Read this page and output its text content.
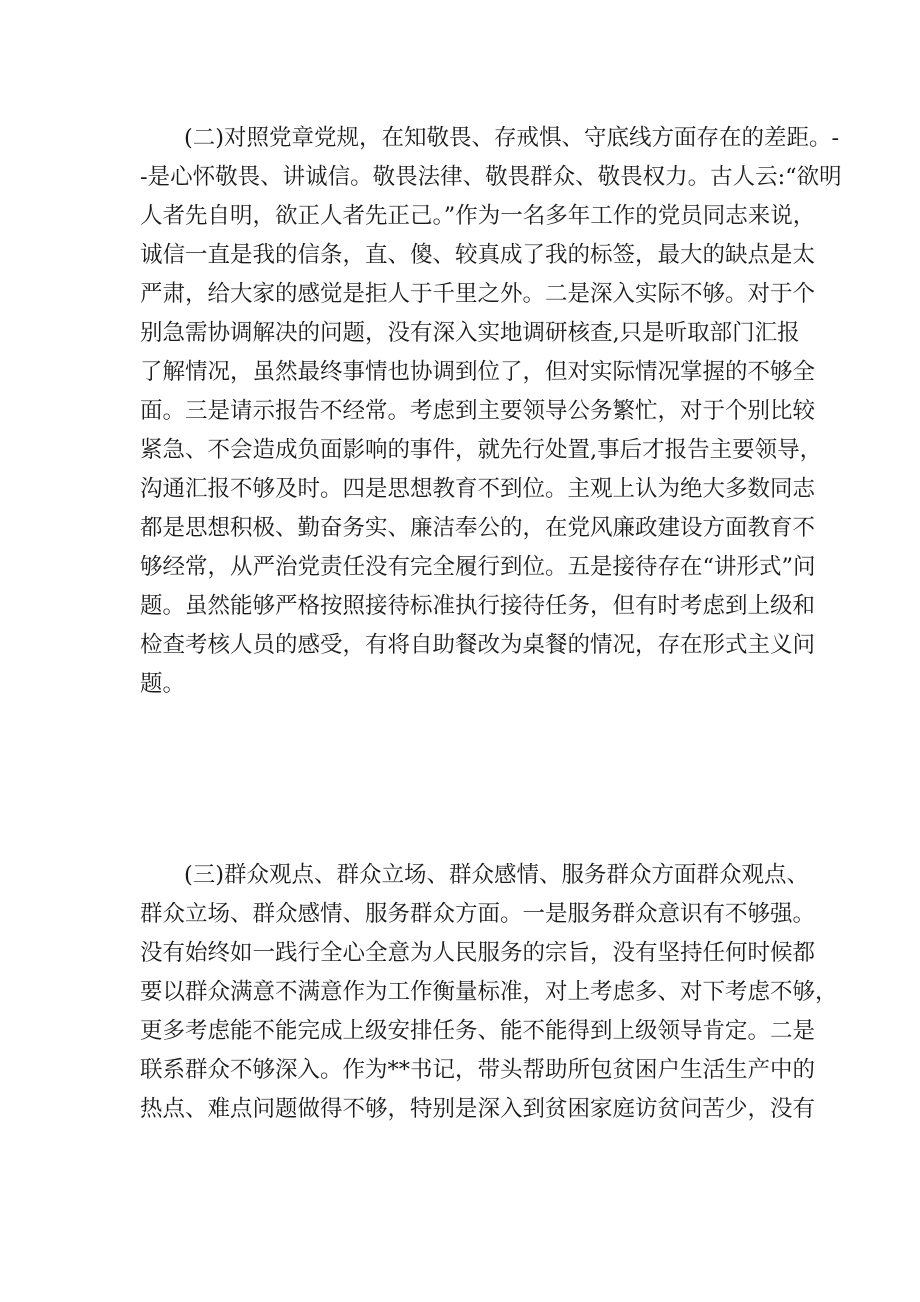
(二)对照党章党规，在知敬畏、存戒惧、守底线方面存在的差距。-
-是心怀敬畏、讲诚信。敬畏法律、敬畏群众、敬畏权力。古人云:“欲明
人者先自明，欲正人者先正己。”作为一名多年工作的党员同志来说，
诚信一直是我的信条，直、傻、较真成了我的标签，最大的缺点是太
严肃，给大家的感觉是拒人于千里之外。二是深入实际不够。对于个
别急需协调解决的问题，没有深入实地调研核查,只是听取部门汇报
了解情况，虽然最终事情也协调到位了，但对实际情况掌握的不够全
面。三是请示报告不经常。考虑到主要领导公务繁忙，对于个别比较
紧急、不会造成负面影响的事件，就先行处置,事后才报告主要领导，
沟通汇报不够及时。四是思想教育不到位。主观上认为绝大多数同志
都是思想积极、勤奋务实、廉洁奉公的，在党风廉政建设方面教育不
够经常，从严治党责任没有完全履行到位。五是接待存在“讲形式”问
题。虽然能够严格按照接待标准执行接待任务，但有时考虑到上级和
检查考核人员的感受，有将自助餐改为桌餐的情况，存在形式主义问
题。
(三)群众观点、群众立场、群众感情、服务群众方面群众观点、
群众立场、群众感情、服务群众方面。一是服务群众意识有不够强。
没有始终如一践行全心全意为人民服务的宗旨，没有坚持任何时候都
要以群众满意不满意作为工作衡量标准，对上考虑多、对下考虑不够，
更多考虑能不能完成上级安排任务、能不能得到上级领导肯定。二是
联系群众不够深入。作为**书记，带头帮助所包贫困户生活生产中的
热点、难点问题做得不够，特别是深入到贫困家庭访贫问苦少，没有
